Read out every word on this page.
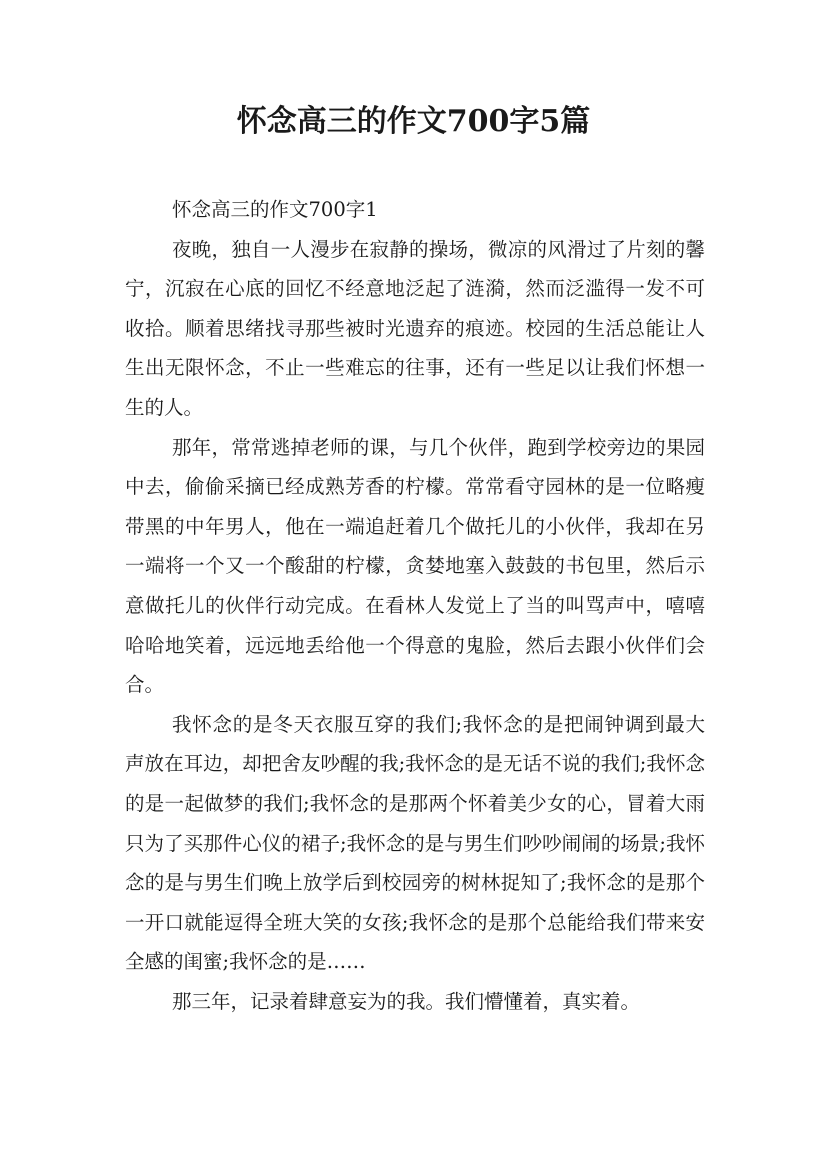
怀念高三的作文700字5篇
怀念高三的作文700字1

夜晚，独自一人漫步在寂静的操场，微凉的风滑过了片刻的馨宁，沉寂在心底的回忆不经意地泛起了涟漪，然而泛滥得一发不可收拾。顺着思绪找寻那些被时光遗弃的痕迹。校园的生活总能让人生出无限怀念，不止一些难忘的往事，还有一些足以让我们怀想一生的人。

那年，常常逃掉老师的课，与几个伙伴，跑到学校旁边的果园中去，偷偷采摘已经成熟芳香的柠檬。常常看守园林的是一位略瘦带黑的中年男人，他在一端追赶着几个做托儿的小伙伴，我却在另一端将一个又一个酸甜的柠檬，贪婪地塞入鼓鼓的书包里，然后示意做托儿的伙伴行动完成。在看林人发觉上了当的叫骂声中，嘻嘻哈哈地笑着，远远地丢给他一个得意的鬼脸，然后去跟小伙伴们会合。

我怀念的是冬天衣服互穿的我们;我怀念的是把闹钟调到最大声放在耳边，却把舍友吵醒的我;我怀念的是无话不说的我们;我怀念的是一起做梦的我们;我怀念的是那两个怀着美少女的心，冒着大雨只为了买那件心仪的裙子;我怀念的是与男生们吵吵闹闹的场景;我怀念的是与男生们晚上放学后到校园旁的树林捉知了;我怀念的是那个一开口就能逗得全班大笑的女孩;我怀念的是那个总能给我们带来安全感的闺蜜;我怀念的是……

那三年，记录着肆意妄为的我。我们懵懂着，真实着。
